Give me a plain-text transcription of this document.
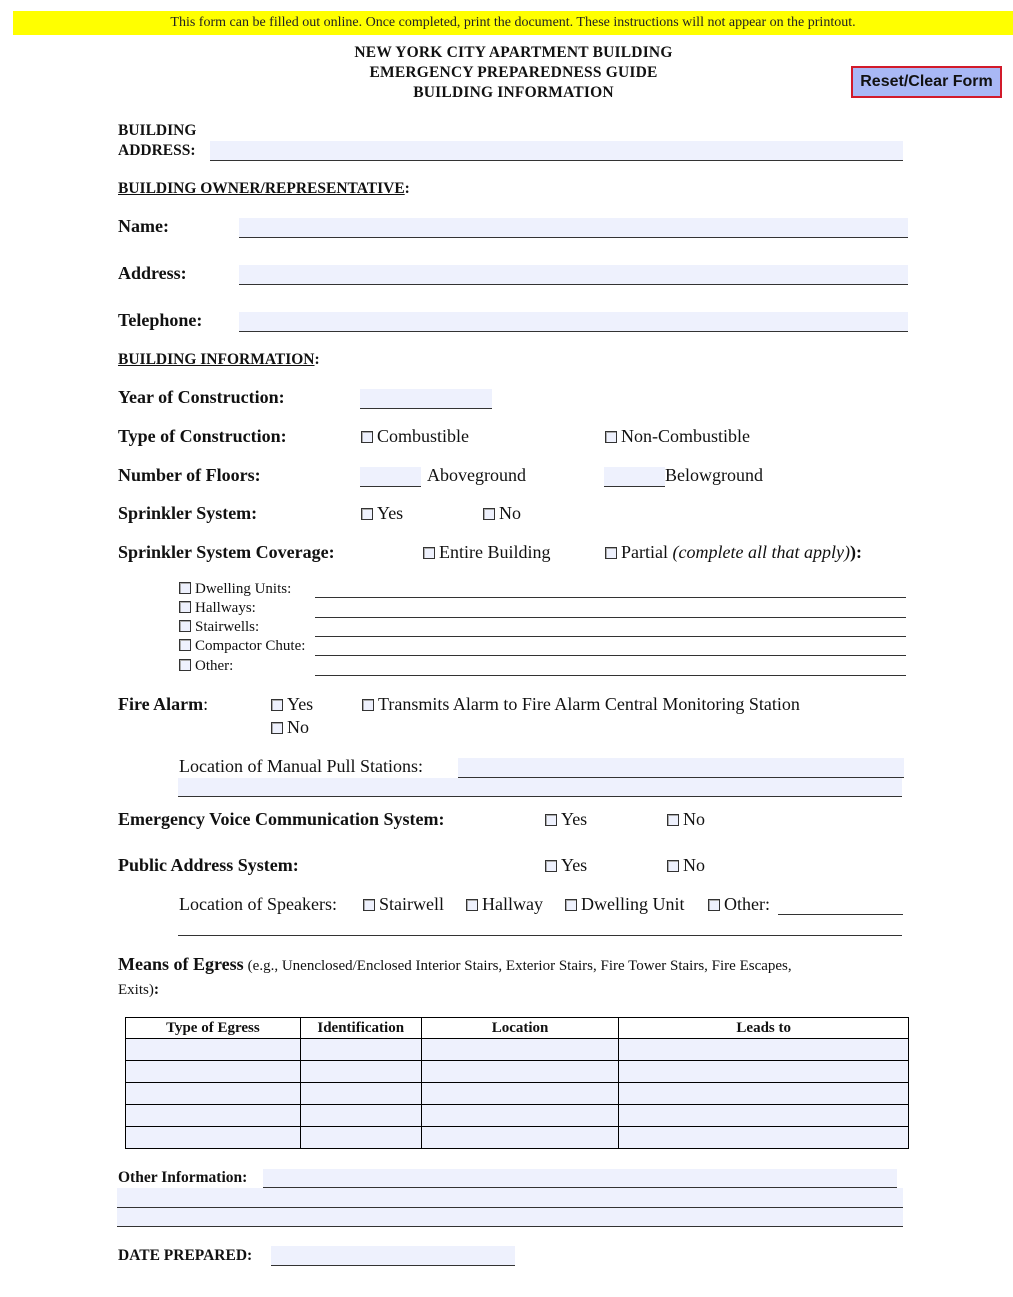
This form can be filled out online. Once completed, print the document. These instructions will not appear on the printout.
NEW YORK CITY APARTMENT BUILDING
EMERGENCY PREPAREDNESS GUIDE
BUILDING INFORMATION
Reset/Clear Form
BUILDING
ADDRESS:
BUILDING OWNER/REPRESENTATIVE:
Name:
Address:
Telephone:
BUILDING INFORMATION:
Year of Construction:
Type of Construction:	Combustible	Non-Combustible
Number of Floors:	Aboveground	Belowground
Sprinkler System:	Yes	No
Sprinkler System Coverage:	Entire Building	Partial (complete all that apply)):
Dwelling Units:
Hallways:
Stairwells:
Compactor Chute:
Other:
Fire Alarm:	Yes
No
Transmits Alarm to Fire Alarm Central Monitoring Station
Location of Manual Pull Stations:
Emergency Voice Communication System:	Yes	No
Public Address System:	Yes	No
Location of Speakers:	Stairwell	Hallway	Dwelling Unit	Other:
Means of Egress (e.g., Unenclosed/Enclosed Interior Stairs, Exterior Stairs, Fire Tower Stairs, Fire Escapes,
Exits):
Type of Egress	Identification	Location	Leads to

Other Information:
DATE PREPARED:
